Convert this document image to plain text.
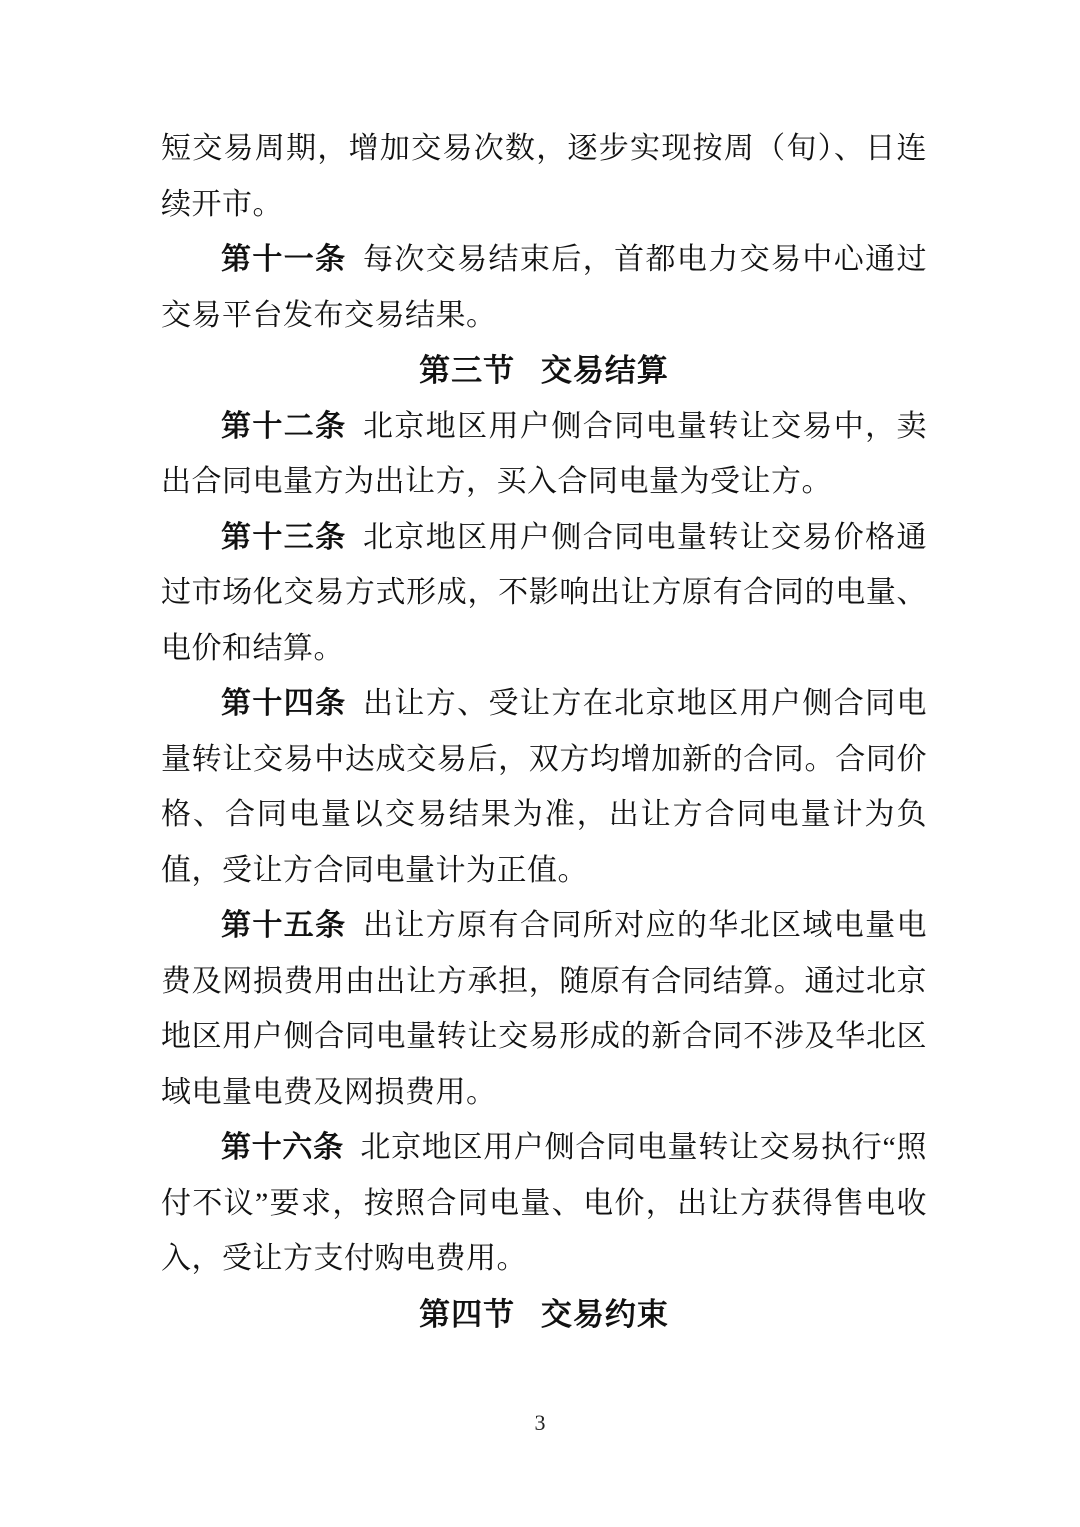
短交易周期，增加交易次数，逐步实现按周（旬）、日连续开市。

第十一条 每次交易结束后，首都电力交易中心通过交易平台发布交易结果。

第三节 交易结算

第十二条 北京地区用户侧合同电量转让交易中，卖出合同电量方为出让方，买入合同电量为受让方。

第十三条 北京地区用户侧合同电量转让交易价格通过市场化交易方式形成，不影响出让方原有合同的电量、电价和结算。

第十四条 出让方、受让方在北京地区用户侧合同电量转让交易中达成交易后，双方均增加新的合同。合同价格、合同电量以交易结果为准，出让方合同电量计为负值，受让方合同电量计为正值。

第十五条 出让方原有合同所对应的华北区域电量电费及网损费用由出让方承担，随原有合同结算。通过北京地区用户侧合同电量转让交易形成的新合同不涉及华北区域电量电费及网损费用。

第十六条 北京地区用户侧合同电量转让交易执行“照付不议”要求，按照合同电量、电价，出让方获得售电收入，受让方支付购电费用。

第四节 交易约束
3
